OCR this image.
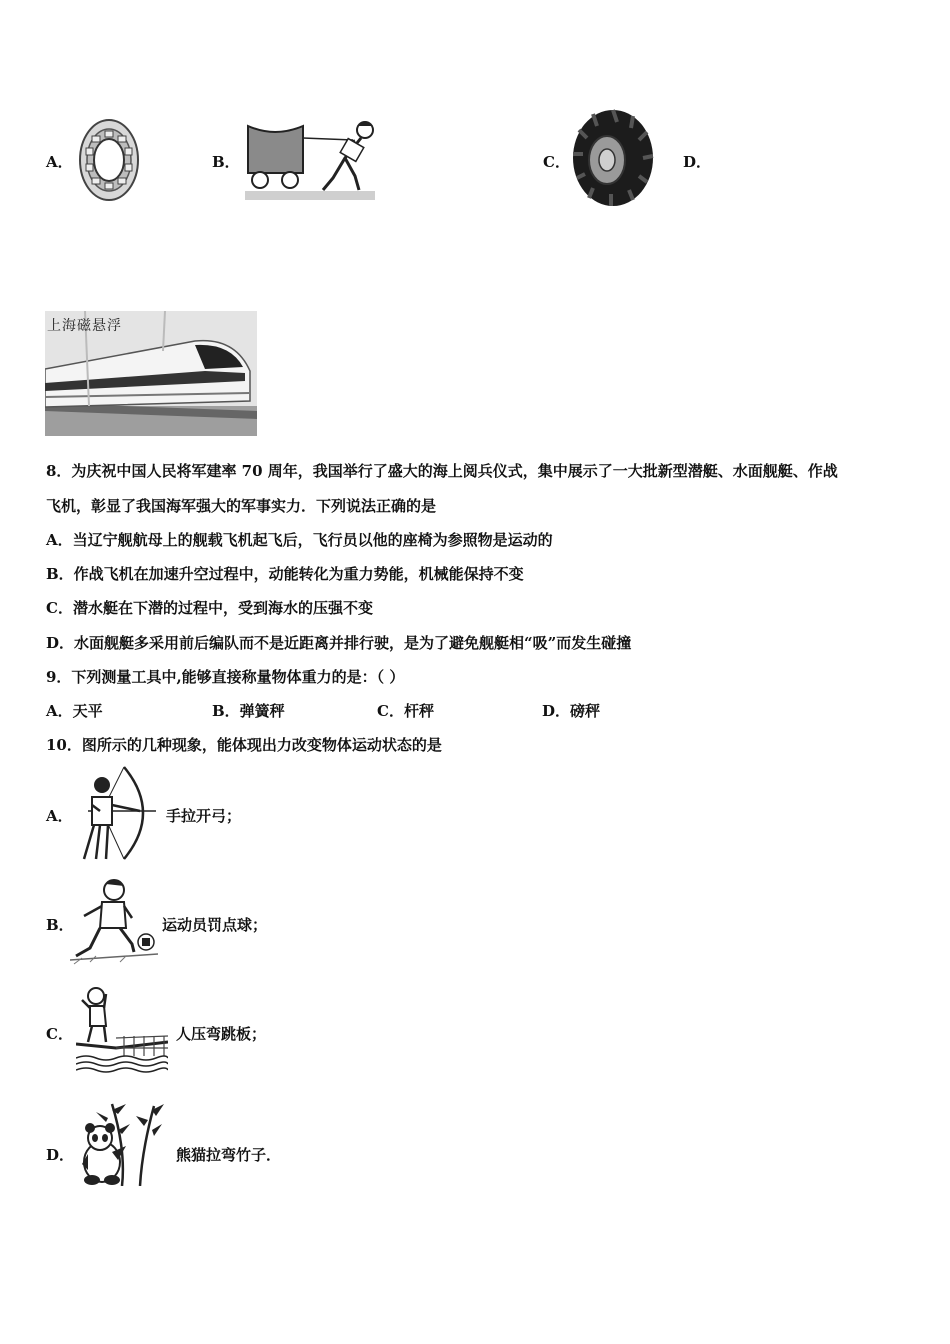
A．	B．	C．	D．
上海磁悬浮
8．为庆祝中国人民将军建率 70 周年，我国举行了盛大的海上阅兵仪式，集中展示了一大批新型潜艇、水面舰艇、作战
飞机，彰显了我国海军强大的军事实力．下列说法正确的是
A．当辽宁舰航母上的舰载飞机起飞后，飞行员以他的座椅为参照物是运动的
B．作战飞机在加速升空过程中，动能转化为重力势能，机械能保持不变
C．潜水艇在下潜的过程中，受到海水的压强不变
D．水面舰艇多采用前后编队而不是近距离并排行驶，是为了避免舰艇相“吸”而发生碰撞
9．下列测量工具中,能够直接称量物体重力的是：（ ）
A．天平	B．弹簧秤	C．杆秤	D．磅秤
10．图所示的几种现象，能体现出力改变物体运动状态的是
A．	手拉开弓；
B．	运动员罚点球；
C．	人压弯跳板；
D．	熊猫拉弯竹子．
